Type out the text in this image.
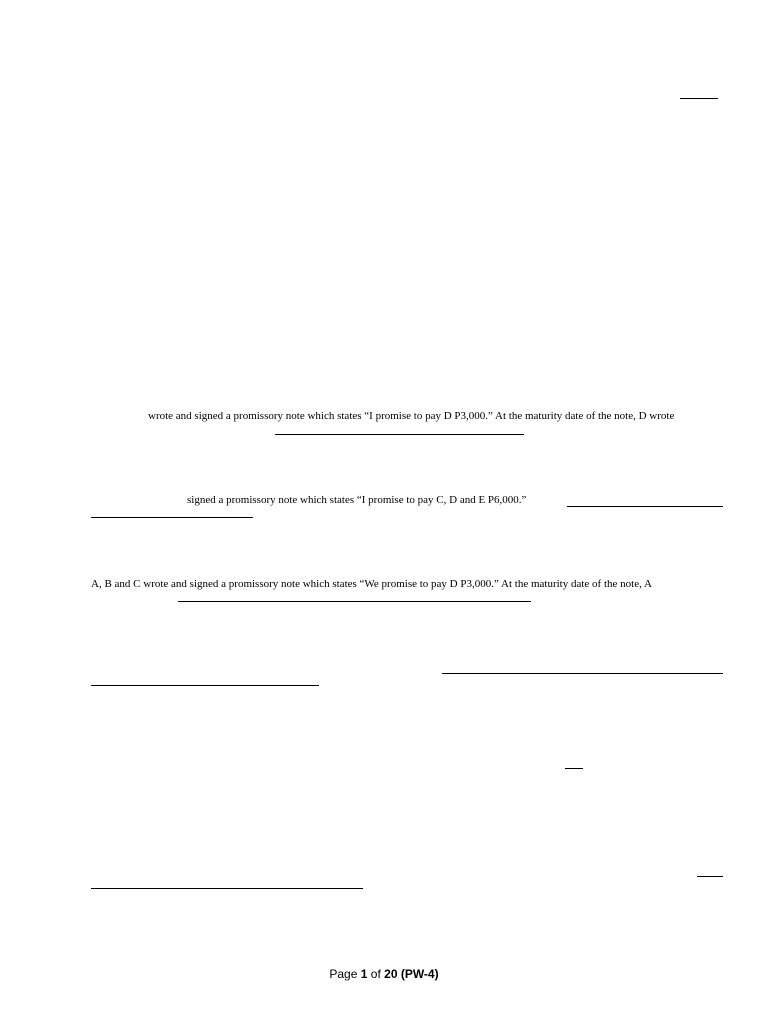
wrote and signed a promissory note which states “I promise to pay D P3,000.” At the maturity date of the note, D wrote
signed a promissory note which states “I promise to pay C, D and E P6,000.”
A, B and C wrote and signed a promissory note which states “We promise to pay D P3,000.” At the maturity date of the note, A
Page 1 of 20 (PW-4)
